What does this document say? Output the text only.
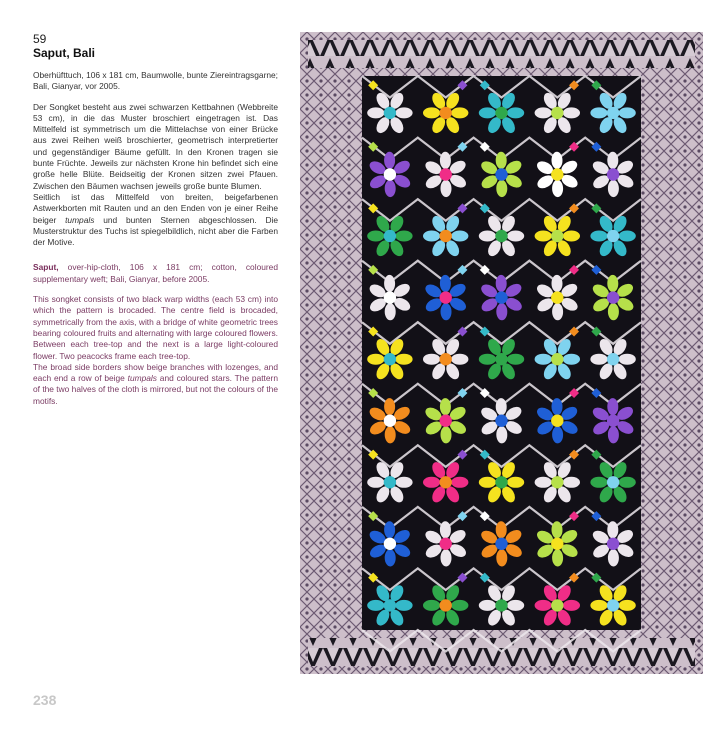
59
Saput, Bali

Oberhüfttuch, 106 x 181 cm, Baumwolle, bunte Ziereintragsgarne; Bali, Gianyar, vor 2005.

Der Songket besteht aus zwei schwarzen Kettbahnen (Webbreite 53 cm), in die das Muster broschiert eingetragen ist. Das Mittelfeld ist symmetrisch um die Mittelachse von einer Brücke aus zwei Reihen weiß broschierter, geometrisch interpretierter und gegenständiger Bäume gefüllt. In den Kronen tragen sie bunte Früchte. Jeweils zur nächsten Krone hin befindet sich eine große helle Blüte. Beidseitig der Kronen sitzen zwei Pfauen. Zwischen den Bäumen wachsen jeweils große bunte Blumen.

Seitlich ist das Mittelfeld von breiten, beigefarbenen Astwerkborten mit Rauten und an den Enden von je einer Reihe beiger tumpals und bunten Sternen abgeschlossen. Die Musterstruktur des Tuchs ist spiegelbildlich, nicht aber die Farben der Motive.

Saput, over-hip-cloth, 106 x 181 cm; cotton, coloured supplementary weft; Bali, Gianyar, before 2005.

This songket consists of two black warp widths (each 53 cm) into which the pattern is brocaded. The centre field is brocaded, symmetrically from the axis, with a bridge of white geometric trees bearing coloured fruits and alternating with large coloured flowers. Between each tree-top and the next is a large light-coloured flower. Two peacocks frame each tree-top.

The broad side borders show beige branches with lozenges, and each end a row of beige tumpals and coloured stars. The pattern of the two halves of the cloth is mirrored, but not the colours of the motifs.

238
